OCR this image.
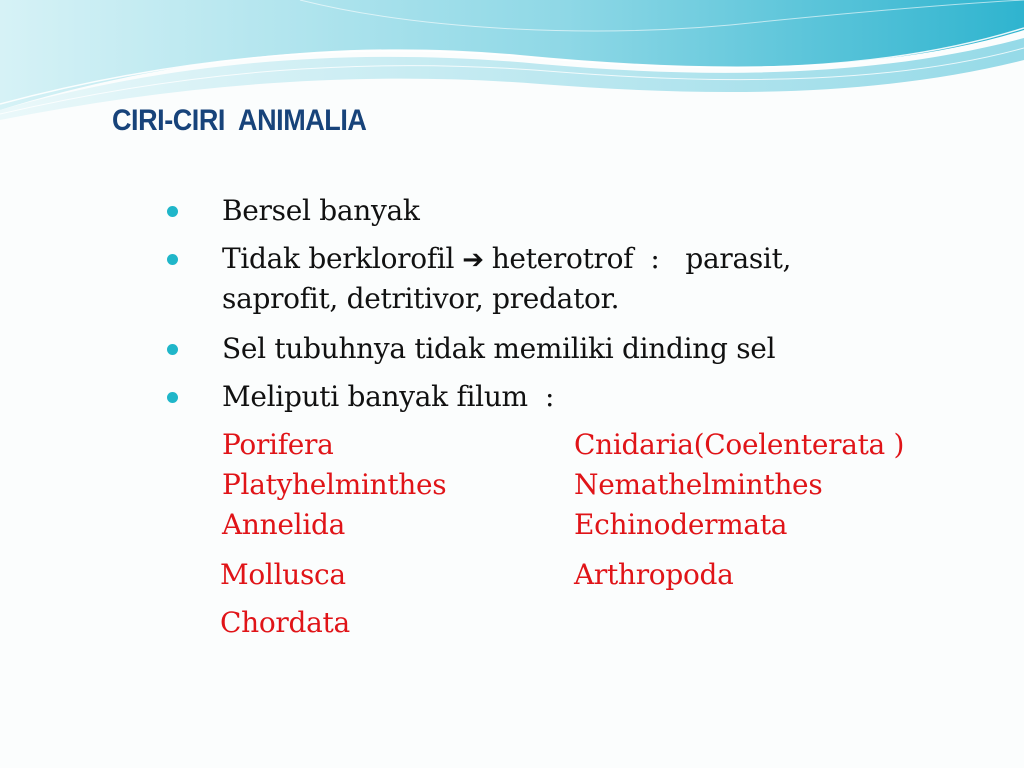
CIRI-CIRI  ANIMALIA
Bersel banyak
Tidak berklorofil ➔ heterotrof  :   parasit,
saprofit, detritivor, predator.
Sel tubuhnya tidak memiliki dinding sel
Meliputi banyak filum  :
Porifera
Platyhelminthes
Annelida
Mollusca
Chordata
Cnidaria(Coelenterata )
Nemathelminthes
Echinodermata
Arthropoda
